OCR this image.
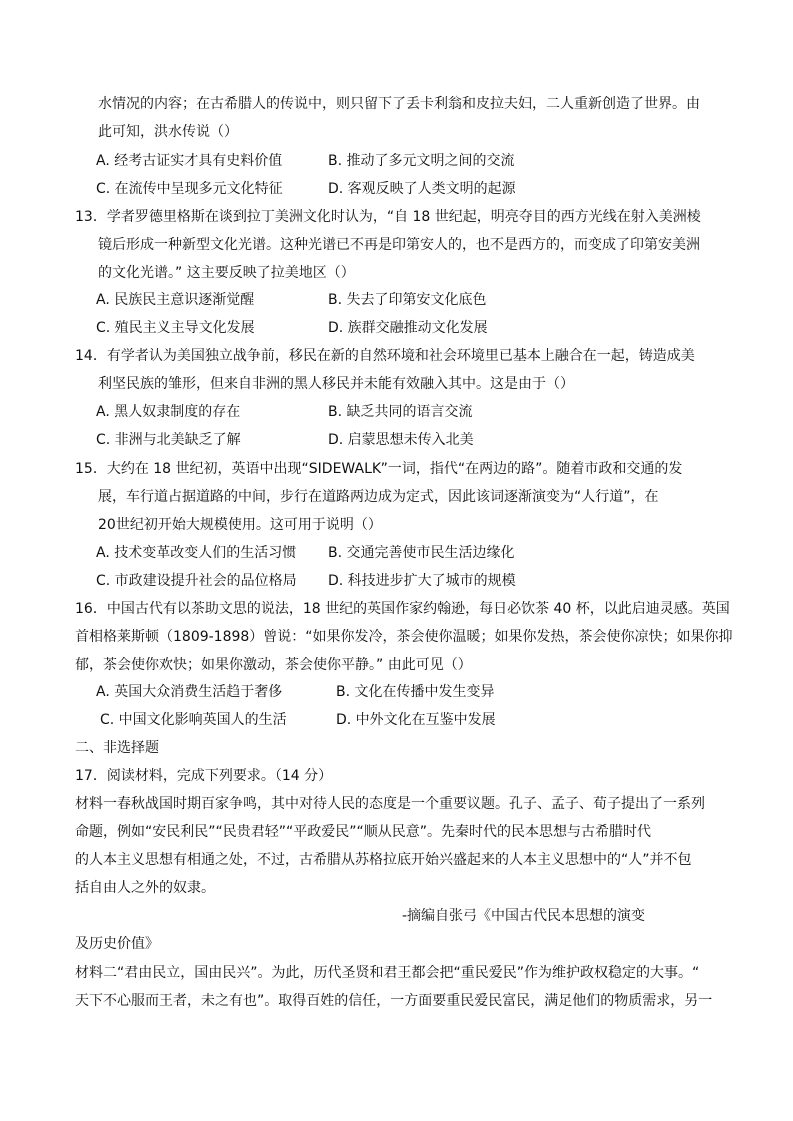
水情况的内容；在古希腊人的传说中，则只留下了丢卡利翁和皮拉夫妇，二人重新创造了世界。由
此可知，洪水传说（）
A. 经考古证实才具有史料价值	B. 推动了多元文明之间的交流
C. 在流传中呈现多元文化特征	D. 客观反映了人类文明的起源
13．学者罗德里格斯在谈到拉丁美洲文化时认为，“自 18 世纪起，明亮夺目的西方光线在射入美洲棱
镜后形成一种新型文化光谱。这种光谱已不再是印第安人的，也不是西方的，而变成了印第安美洲
的文化光谱。” 这主要反映了拉美地区（）
A. 民族民主意识逐渐觉醒	B. 失去了印第安文化底色
C. 殖民主义主导文化发展	D. 族群交融推动文化发展
14．有学者认为美国独立战争前，移民在新的自然环境和社会环境里已基本上融合在一起，铸造成美
利坚民族的雏形，但来自非洲的黑人移民并未能有效融入其中。这是由于（）
A. 黑人奴隶制度的存在	B. 缺乏共同的语言交流
C. 非洲与北美缺乏了解	D. 启蒙思想未传入北美
15．大约在 18 世纪初，英语中出现“SIDEWALK”一词，指代“在两边的路”。随着市政和交通的发
展，车行道占据道路的中间，步行在道路两边成为定式，因此该词逐渐演变为“人行道”，在
20世纪初开始大规模使用。这可用于说明（）
A. 技术变革改变人们的生活习惯 B. 交通完善使市民生活边缘化
C. 市政建设提升社会的品位格局 D. 科技进步扩大了城市的规模
16．中国古代有以茶助文思的说法，18 世纪的英国作家约翰逊，每日必饮茶 40 杯，以此启迪灵感。英国
首相格莱斯顿（1809-1898）曾说：“如果你发冷，茶会使你温暖；如果你发热，茶会使你凉快；如果你抑
郁，茶会使你欢快；如果你激动，茶会使你平静。” 由此可见（）
A. 英国大众消费生活趋于奢侈	B. 文化在传播中发生变异
C. 中国文化影响英国人的生活	D. 中外文化在互鉴中发展
二、非选择题
17．阅读材料，完成下列要求。（14 分）
材料一春秋战国时期百家争鸣，其中对待人民的态度是一个重要议题。孔子、孟子、荀子提出了一系列
命题，例如“安民利民”“民贵君轻”“平政爱民”“顺从民意”。先秦时代的民本思想与古希腊时代
的人本主义思想有相通之处，不过，古希腊从苏格拉底开始兴盛起来的人本主义思想中的“人”并不包
括自由人之外的奴隶。
-摘编自张弓《中国古代民本思想的演变
及历史价值》
材料二“君由民立，国由民兴”。为此，历代圣贤和君王都会把“重民爱民”作为维护政权稳定的大事。“
天下不心服而王者，未之有也”。取得百姓的信任，一方面要重民爱民富民，满足他们的物质需求，另一
